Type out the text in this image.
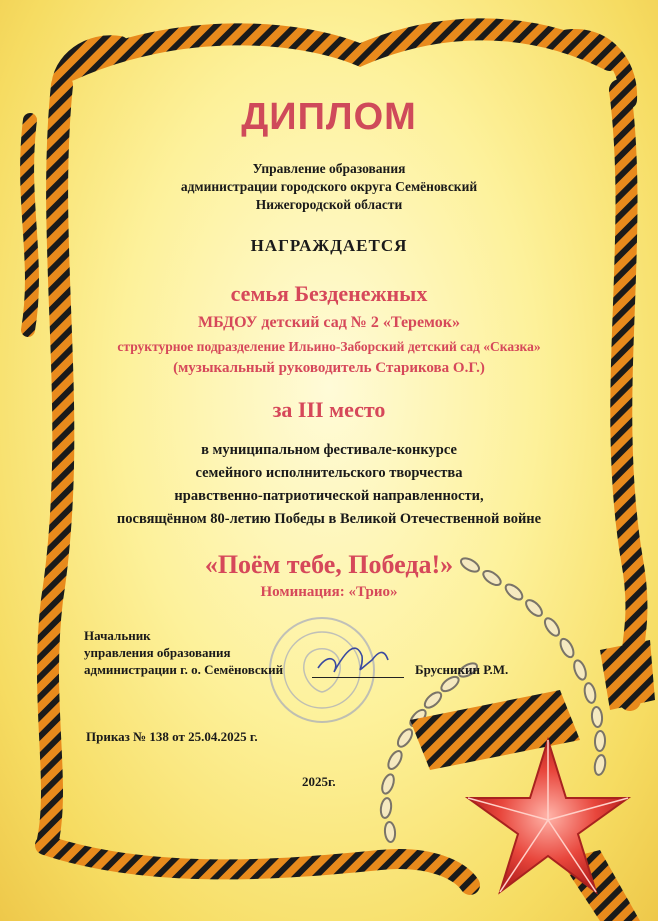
ДИПЛОМ
Управление образования
администрации городского округа Семёновский
Нижегородской области
НАГРАЖДАЕТСЯ
семья Безденежных
МБДОУ детский сад № 2 «Теремок»
структурное подразделение Ильино-Заборский детский сад «Сказка»
(музыкальный руководитель Старикова О.Г.)
за III место
в муниципальном фестивале-конкурсе
семейного исполнительского творчества
нравственно-патриотической направленности,
посвящённом 80-летию Победы в Великой Отечественной войне
«Поём тебе, Победа!»
Номинация: «Трио»
Начальник
управления образования
администрации г. о. Семёновский	Брусникин Р.М.
Приказ № 138 от 25.04.2025 г.
2025г.
